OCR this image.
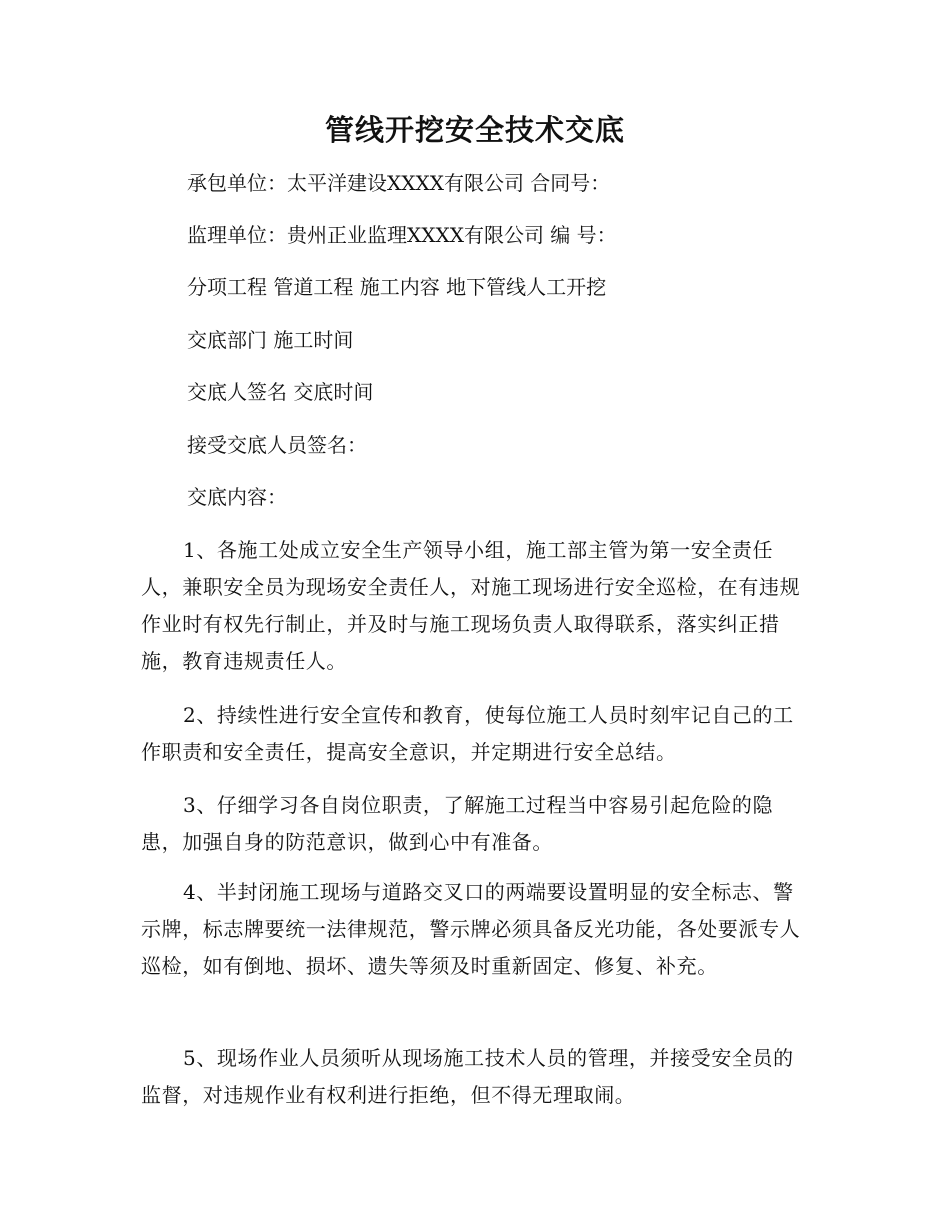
管线开挖安全技术交底
承包单位：太平洋建设XXXX有限公司 合同号：
监理单位：贵州正业监理XXXX有限公司 编 号：
分项工程 管道工程 施工内容 地下管线人工开挖
交底部门 施工时间
交底人签名 交底时间
接受交底人员签名：
交底内容：
1、各施工处成立安全生产领导小组，施工部主管为第一安全责任人，兼职安全员为现场安全责任人，对施工现场进行安全巡检，在有违规作业时有权先行制止，并及时与施工现场负责人取得联系，落实纠正措施，教育违规责任人。
2、持续性进行安全宣传和教育，使每位施工人员时刻牢记自己的工作职责和安全责任，提高安全意识，并定期进行安全总结。
3、仔细学习各自岗位职责，了解施工过程当中容易引起危险的隐患，加强自身的防范意识，做到心中有准备。
4、半封闭施工现场与道路交叉口的两端要设置明显的安全标志、警示牌，标志牌要统一法律规范，警示牌必须具备反光功能，各处要派专人巡检，如有倒地、损坏、遗失等须及时重新固定、修复、补充。
5、现场作业人员须听从现场施工技术人员的管理，并接受安全员的监督，对违规作业有权利进行拒绝，但不得无理取闹。
